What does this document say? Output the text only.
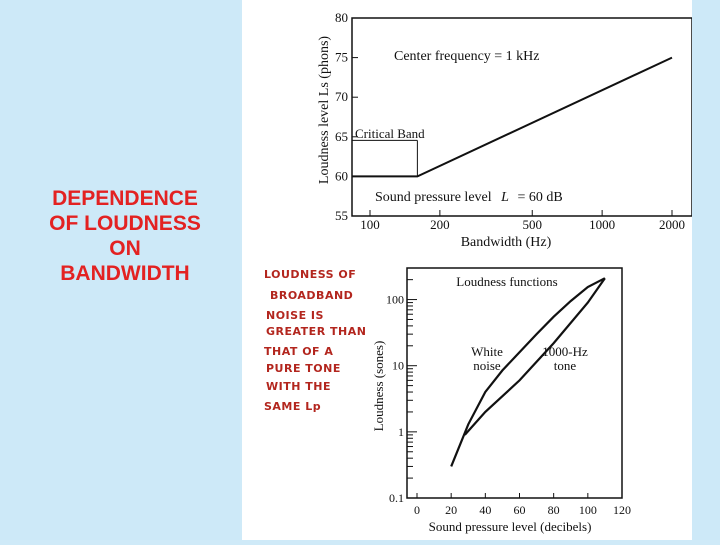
DEPENDENCE
OF LOUDNESS
ON
BANDWIDTH
55
60
65
70
75
80
100	200	500	1000	2000
Loudness level Ls (phons)
Bandwidth (Hz)
Center frequency = 1 kHz
Critical Band
Sound pressure level L = 60 dB
LOUDNESS OF
BROADBAND
NOISE IS
GREATER THAN
THAT OF A
PURE TONE
WITH THE
SAME Lp
0.1
1
10
100
0 20 40 60 80 100 120
Loudness functions
Loudness (sones)
Sound pressure level (decibels)
White
noise
1000-Hz
tone
